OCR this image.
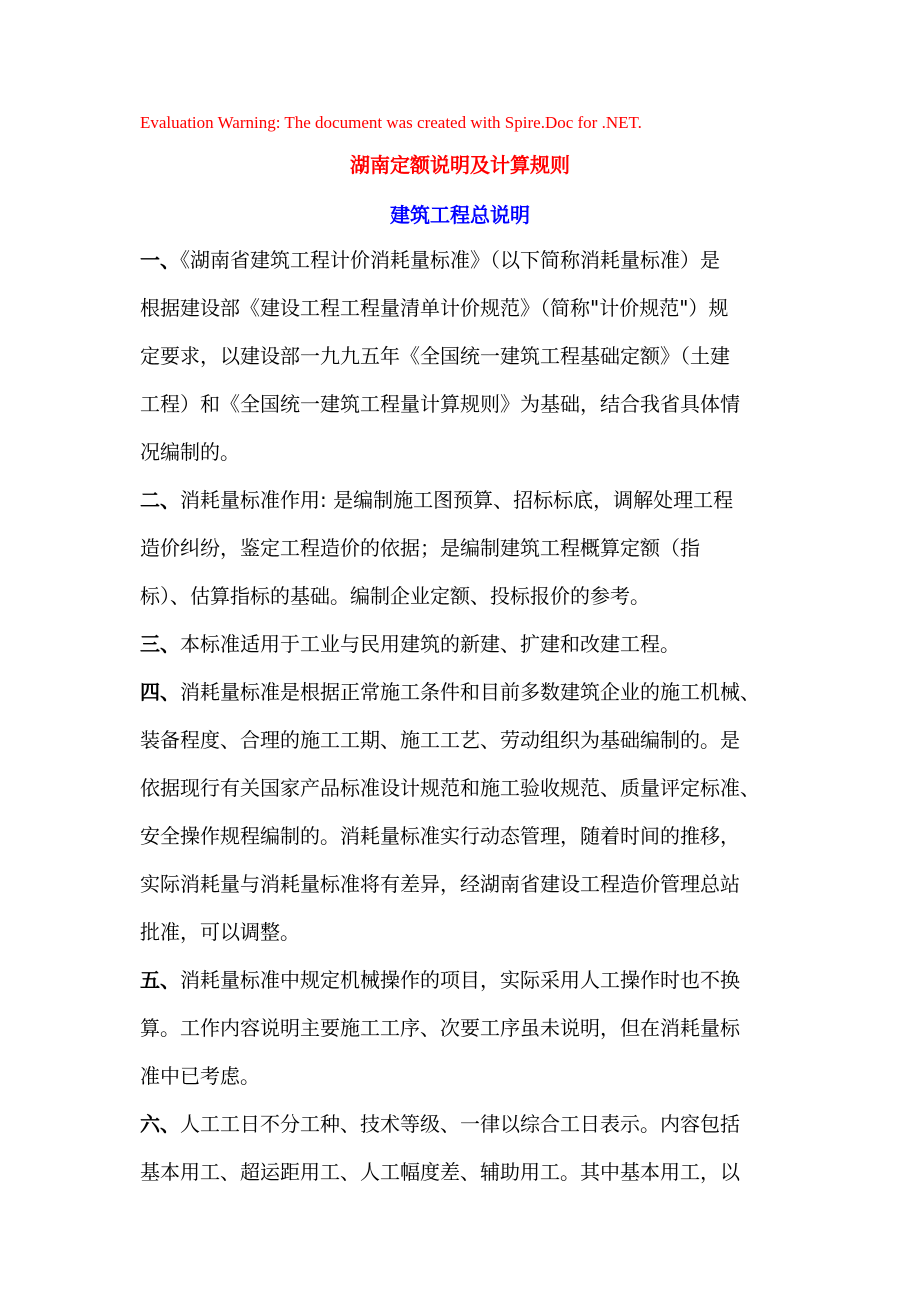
Evaluation Warning: The document was created with Spire.Doc for .NET.
湖南定额说明及计算规则
建筑工程总说明
一、《湖南省建筑工程计价消耗量标准》（以下简称消耗量标准）是
根据建设部《建设工程工程量清单计价规范》（简称"计价规范"）规
定要求，以建设部一九九五年《全国统一建筑工程基础定额》（土建
工程）和《全国统一建筑工程量计算规则》为基础，结合我省具体情
况编制的。
二、消耗量标准作用: 是编制施工图预算、招标标底，调解处理工程
造价纠纷，鉴定工程造价的依据；是编制建筑工程概算定额（指
标）、估算指标的基础。编制企业定额、投标报价的参考。
三、本标准适用于工业与民用建筑的新建、扩建和改建工程。
四、消耗量标准是根据正常施工条件和目前多数建筑企业的施工机械、
装备程度、合理的施工工期、施工工艺、劳动组织为基础编制的。是
依据现行有关国家产品标准设计规范和施工验收规范、质量评定标准、
安全操作规程编制的。消耗量标准实行动态管理，随着时间的推移，
实际消耗量与消耗量标准将有差异，经湖南省建设工程造价管理总站
批准，可以调整。
五、消耗量标准中规定机械操作的项目，实际采用人工操作时也不换
算。工作内容说明主要施工工序、次要工序虽未说明，但在消耗量标
准中已考虑。
六、人工工日不分工种、技术等级、一律以综合工日表示。内容包括
基本用工、超运距用工、人工幅度差、辅助用工。其中基本用工，以
